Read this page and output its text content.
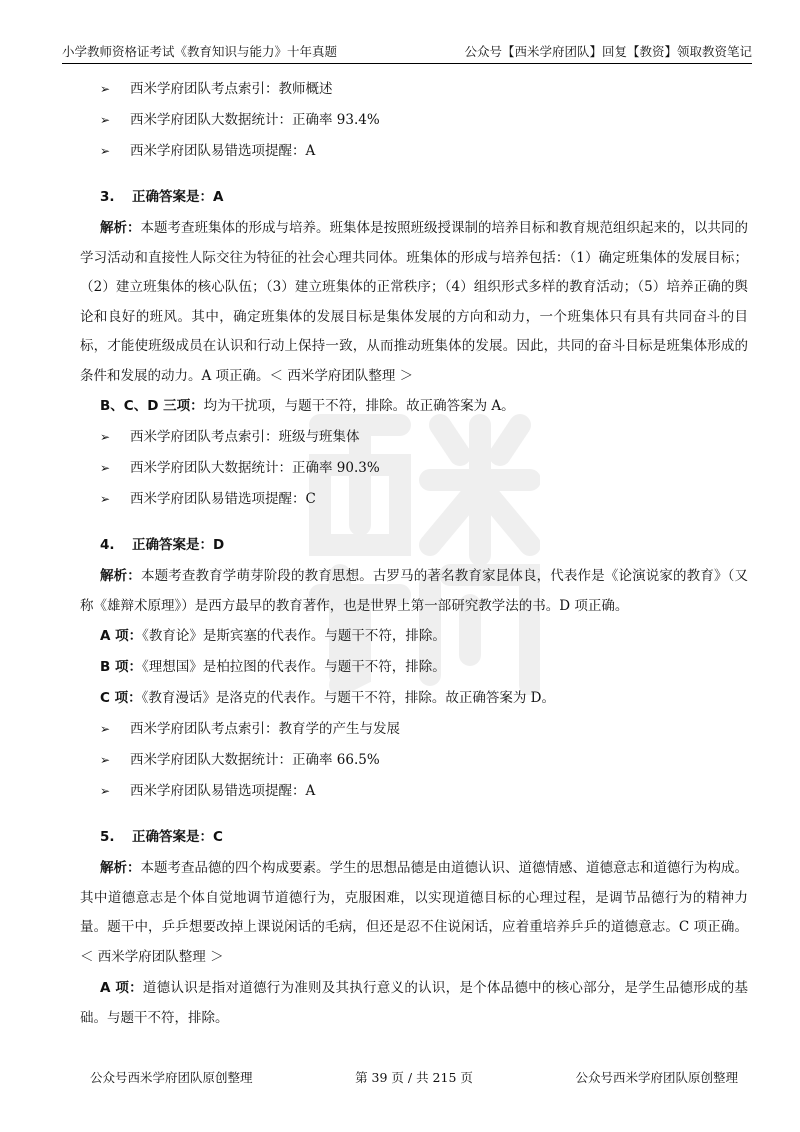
小学教师资格证考试《教育知识与能力》十年真题	公众号【西米学府团队】回复【教资】领取教资笔记
➢	西米学府团队考点索引：教师概述
➢	西米学府团队大数据统计：正确率 93.4%
➢	西米学府团队易错选项提醒：A
3. 正确答案是：A

解析：本题考查班集体的形成与培养。班集体是按照班级授课制的培养目标和教育规范组织起来的，以共同的学习活动和直接性人际交往为特征的社会心理共同体。班集体的形成与培养包括：（1）确定班集体的发展目标；（2）建立班集体的核心队伍；（3）建立班集体的正常秩序；（4）组织形式多样的教育活动；（5）培养正确的舆论和良好的班风。其中，确定班集体的发展目标是集体发展的方向和动力，一个班集体只有具有共同奋斗的目标，才能使班级成员在认识和行动上保持一致，从而推动班集体的发展。因此，共同的奋斗目标是班集体形成的条件和发展的动力。A 项正确。＜ 西米学府团队整理 ＞

B、C、D 三项：均为干扰项，与题干不符，排除。故正确答案为 A。

➢	西米学府团队考点索引：班级与班集体
➢	西米学府团队大数据统计：正确率 90.3%
➢	西米学府团队易错选项提醒：C
4. 正确答案是：D

解析：本题考查教育学萌芽阶段的教育思想。古罗马的著名教育家昆体良，代表作是《论演说家的教育》（又称《雄辩术原理》）是西方最早的教育著作，也是世界上第一部研究教学法的书。D 项正确。

A 项：《教育论》是斯宾塞的代表作。与题干不符，排除。

B 项：《理想国》是柏拉图的代表作。与题干不符，排除。

C 项：《教育漫话》是洛克的代表作。与题干不符，排除。故正确答案为 D。

➢	西米学府团队考点索引：教育学的产生与发展
➢	西米学府团队大数据统计：正确率 66.5%
➢	西米学府团队易错选项提醒：A
5. 正确答案是：C

解析：本题考查品德的四个构成要素。学生的思想品德是由道德认识、道德情感、道德意志和道德行为构成。其中道德意志是个体自觉地调节道德行为，克服困难，以实现道德目标的心理过程，是调节品德行为的精神力量。题干中，乒乒想要改掉上课说闲话的毛病，但还是忍不住说闲话，应着重培养乒乒的道德意志。C 项正确。＜ 西米学府团队整理 ＞

A 项：道德认识是指对道德行为准则及其执行意义的认识，是个体品德中的核心部分，是学生品德形成的基础。与题干不符，排除。

公众号西米学府团队原创整理	第 39 页 / 共 215 页	公众号西米学府团队原创整理
